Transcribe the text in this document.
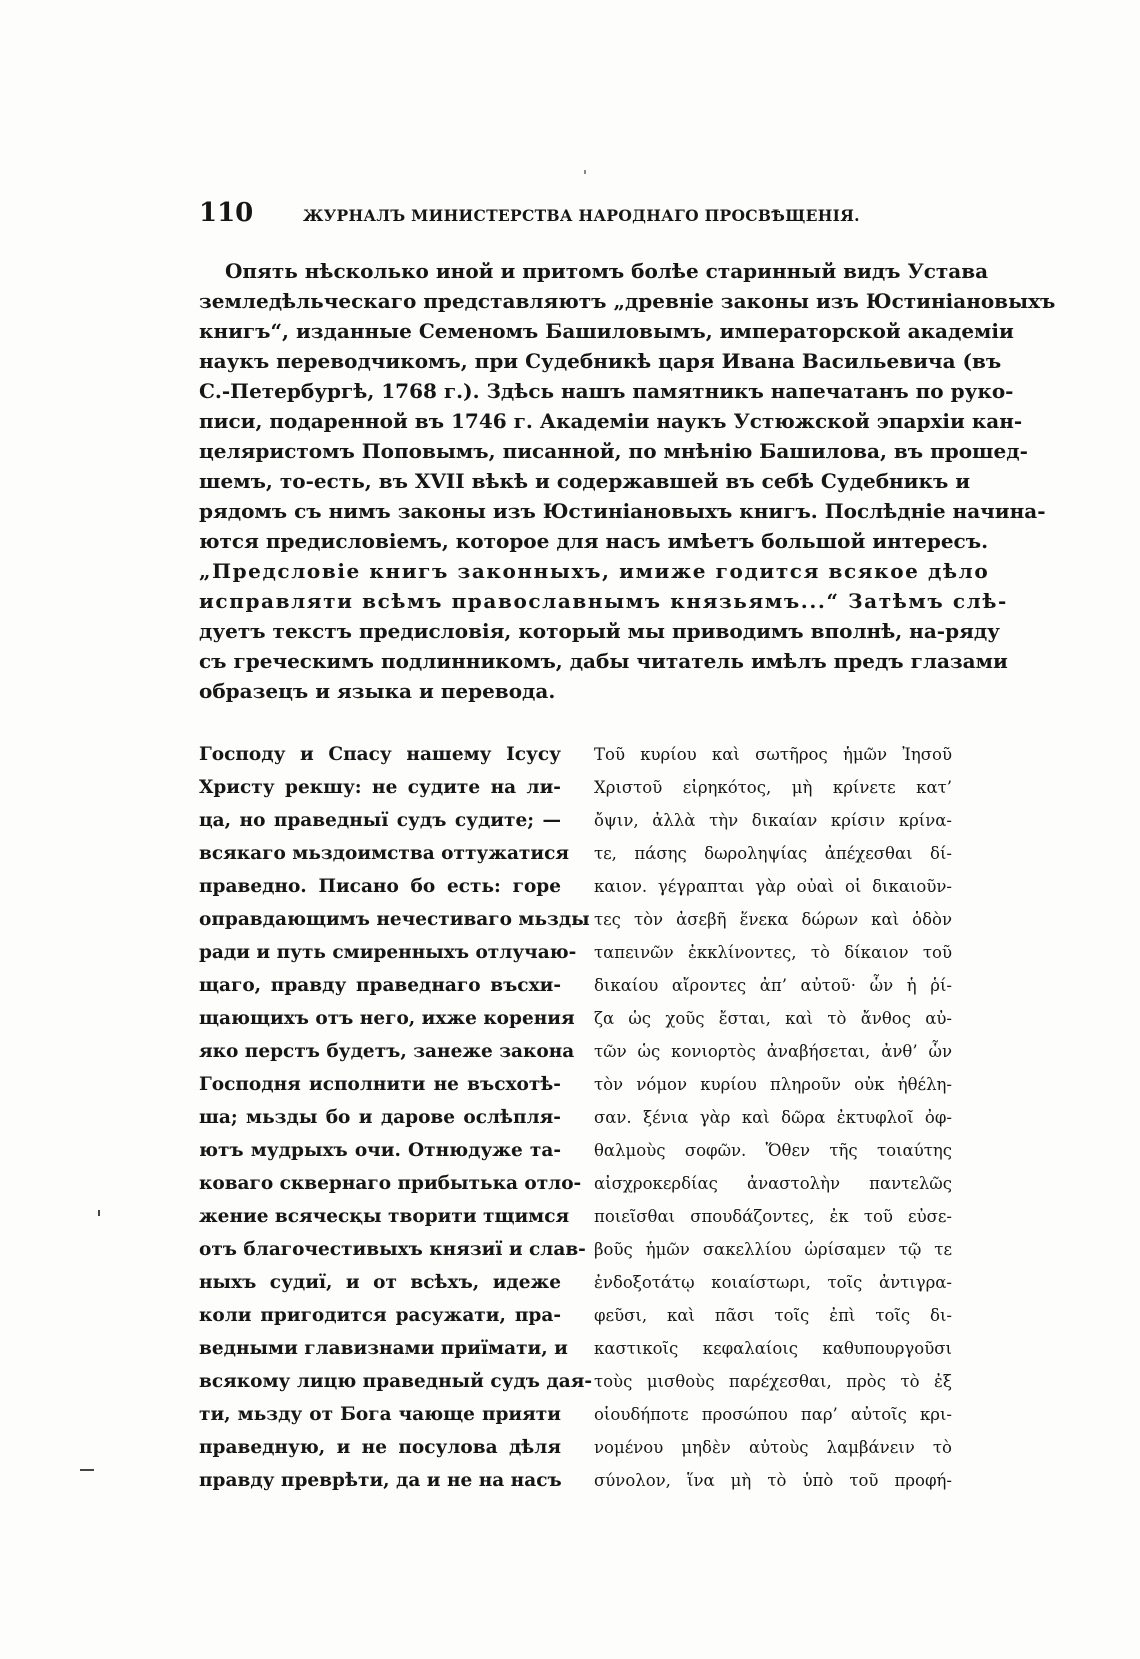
110	ЖУРНАЛЪ МИНИСТЕРСТВА НАРОДНАГО ПРОСВѢЩЕНІЯ.
Опять нѣсколько иной и притомъ болѣе старинный видъ Устава
земледѣльческаго представляютъ „древніе законы изъ Юстиніановыхъ
книгъ“, изданные Семеномъ Башиловымъ, императорской академіи
наукъ переводчикомъ, при Судебникѣ царя Ивана Васильевича (въ
С.-Петербургѣ, 1768 г.). Здѣсь нашъ памятникъ напечатанъ по руко-
писи, подаренной въ 1746 г. Академіи наукъ Устюжской эпархіи кан-
целяристомъ Поповымъ, писанной, по мнѣнію Башилова, въ прошед-
шемъ, то-есть, въ XVII вѣкѣ и содержавшей въ себѣ Судебникъ и
рядомъ съ нимъ законы изъ Юстиніановыхъ книгъ. Послѣдніе начина-
ются предисловіемъ, которое для насъ имѣетъ большой интересъ.
„Предсловіе книгъ законныхъ, имиже годится всякое дѣло
исправляти всѣмъ православнымъ князьямъ...“ Затѣмъ слѣ-
дуетъ текстъ предисловія, который мы приводимъ вполнѣ, на-ряду
съ греческимъ подлинникомъ, дабы читатель имѣлъ предъ глазами
образецъ и языка и перевода.
Господу и Спасу нашему Ісусу
Христу рекшу: не судите на ли-
ца, но праведныї судъ судите; —
всякаго мьздоимства оттужатися
праведно. Писано бо есть: горе
оправдающимъ нечестиваго мьзды
ради и путь смиренныхъ отлучаю-
щаго, правду праведнаго въсхи-
щающихъ отъ него, ихже корения
яко перстъ будетъ, занеже закона
Господня исполнити не въсхотѣ-
ша; мьзды бо и дарове ослѣпля-
ютъ мудрыхъ очи. Отнюдуже та-
коваго сквернаго прибытька отло-
жение всячесқы творити тщимся
отъ благочестивыхъ князиї и слав-
ныхъ судиї, и от всѣхъ, идеже
коли пригодится расужати, пра-
ведными главизнами приїмати, и
всякому лицю праведный судъ дая-
ти, мьзду от Бога чающе прияти
праведную, и не посулова дѣля
правду преврѣти, да и не на насъ
Τοῦ κυρίου καὶ σωτῆρος ἡμῶν Ἰησοῦ
Χριστοῦ εἰρηκότος, μὴ κρίνετε κατ’
ὄψιν, ἀλλὰ τὴν δικαίαν κρίσιν κρίνα-
τε, πάσης δωροληψίας ἀπέχεσθαι δί-
καιον. γέγραπται γὰρ οὐαὶ οἱ δικαιοῦν-
τες τὸν ἀσεβῆ ἕνεκα δώρων καὶ ὁδὸν
ταπεινῶν ἐκκλίνοντες, τὸ δίκαιον τοῦ
δικαίου αἴροντες ἀπ’ αὐτοῦ· ὧν ἡ ῥί-
ζα ὡς χοῦς ἔσται, καὶ τὸ ἄνθος αὐ-
τῶν ὡς κονιορτὸς ἀναβήσεται, ἀνθ’ ὧν
τὸν νόμον κυρίου πληροῦν οὐκ ἠθέλη-
σαν. ξένια γὰρ καὶ δῶρα ἐκτυφλοῖ ὀφ-
θαλμοὺς σοφῶν. Ὅθεν τῆς τοιαύτης
αἰσχροκερδίας ἀναστολὴν παντελῶς
ποιεῖσθαι σπουδάζοντες, ἐκ τοῦ εὐσε-
βοῦς ἡμῶν σακελλίου ὡρίσαμεν τῷ τε
ἐνδοξοτάτῳ κοιαίστωρι, τοῖς ἀντιγρα-
φεῦσι, καὶ πᾶσι τοῖς ἐπὶ τοῖς δι-
καστικοῖς κεφαλαίοις καθυπουργοῦσι
τοὺς μισθοὺς παρέχεσθαι, πρὸς τὸ ἐξ
οἱουδήποτε προσώπου παρ’ αὐτοῖς κρι-
νομένου μηδὲν αὐτοὺς λαμβάνειν τὸ
σύνολον, ἵνα μὴ τὸ ὑπὸ τοῦ προφή-
